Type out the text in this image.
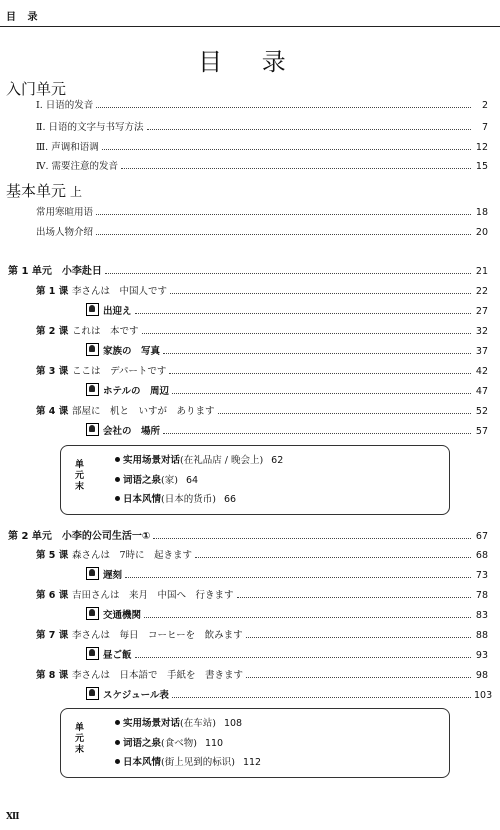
目 录
目 录
入门单元
Ⅰ. 日语的发音	2
Ⅱ. 日语的文字与书写方法	7
Ⅲ. 声调和语调	12
Ⅳ. 需要注意的发音	15
基本单元 上
常用寒暄用语	18
出场人物介绍	20
第 1 单元　小李赴日	21
第 1 课 李さんは　中国人です	22
出迎え	27
第 2 课 これは　本です	32
家族の　写真	37
第 3 课 ここは　デパートです	42
ホテルの　周辺	47
第 4 课 部屋に　机と　いすが　あります	52
会社の　場所	57
单
元
末
实用场景对话(在礼品店 / 晚会上) 62
词语之泉(家) 64
日本风情(日本的货币) 66
第 2 单元　小李的公司生活一①	67
第 5 课 森さんは　7時に　起きます	68
遅刻	73
第 6 课 吉田さんは　来月　中国へ　行きます	78
交通機関	83
第 7 课 李さんは　毎日　コーヒーを　飲みます	88
昼ご飯	93
第 8 课 李さんは　日本語で　手紙を　書きます	98
スケジュール表	103
单
元
末
实用场景对话(在车站) 108
词语之泉(食べ物) 110
日本风情(街上见到的标识) 112
Ⅻ
